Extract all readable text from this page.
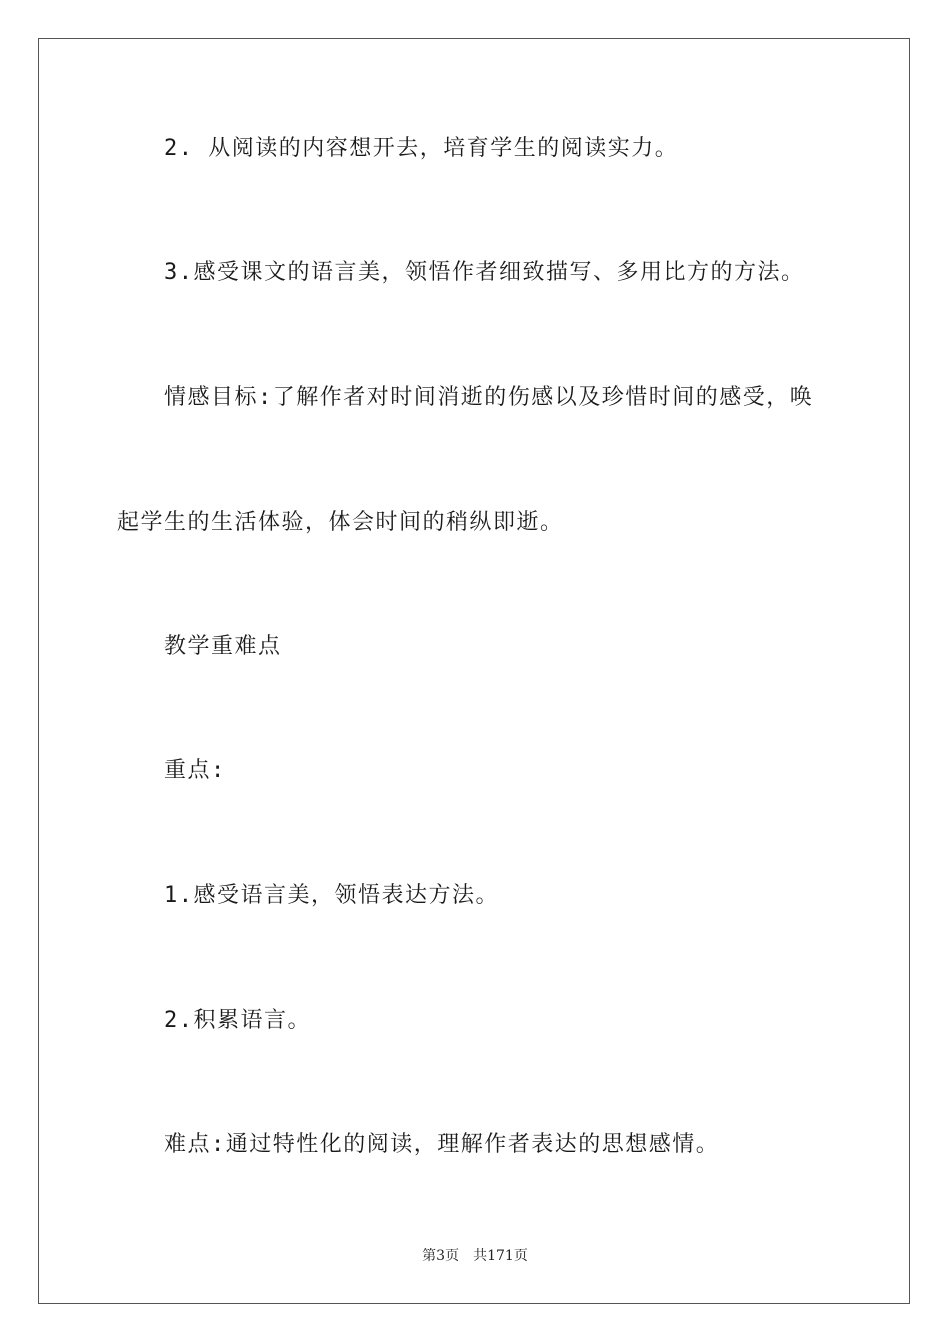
2. 从阅读的内容想开去，培育学生的阅读实力。
3.感受课文的语言美，领悟作者细致描写、多用比方的方法。
情感目标:了解作者对时间消逝的伤感以及珍惜时间的感受，唤
起学生的生活体验，体会时间的稍纵即逝。
教学重难点
重点:
1.感受语言美，领悟表达方法。
2.积累语言。
难点:通过特性化的阅读，理解作者表达的思想感情。
第3页 共171页
